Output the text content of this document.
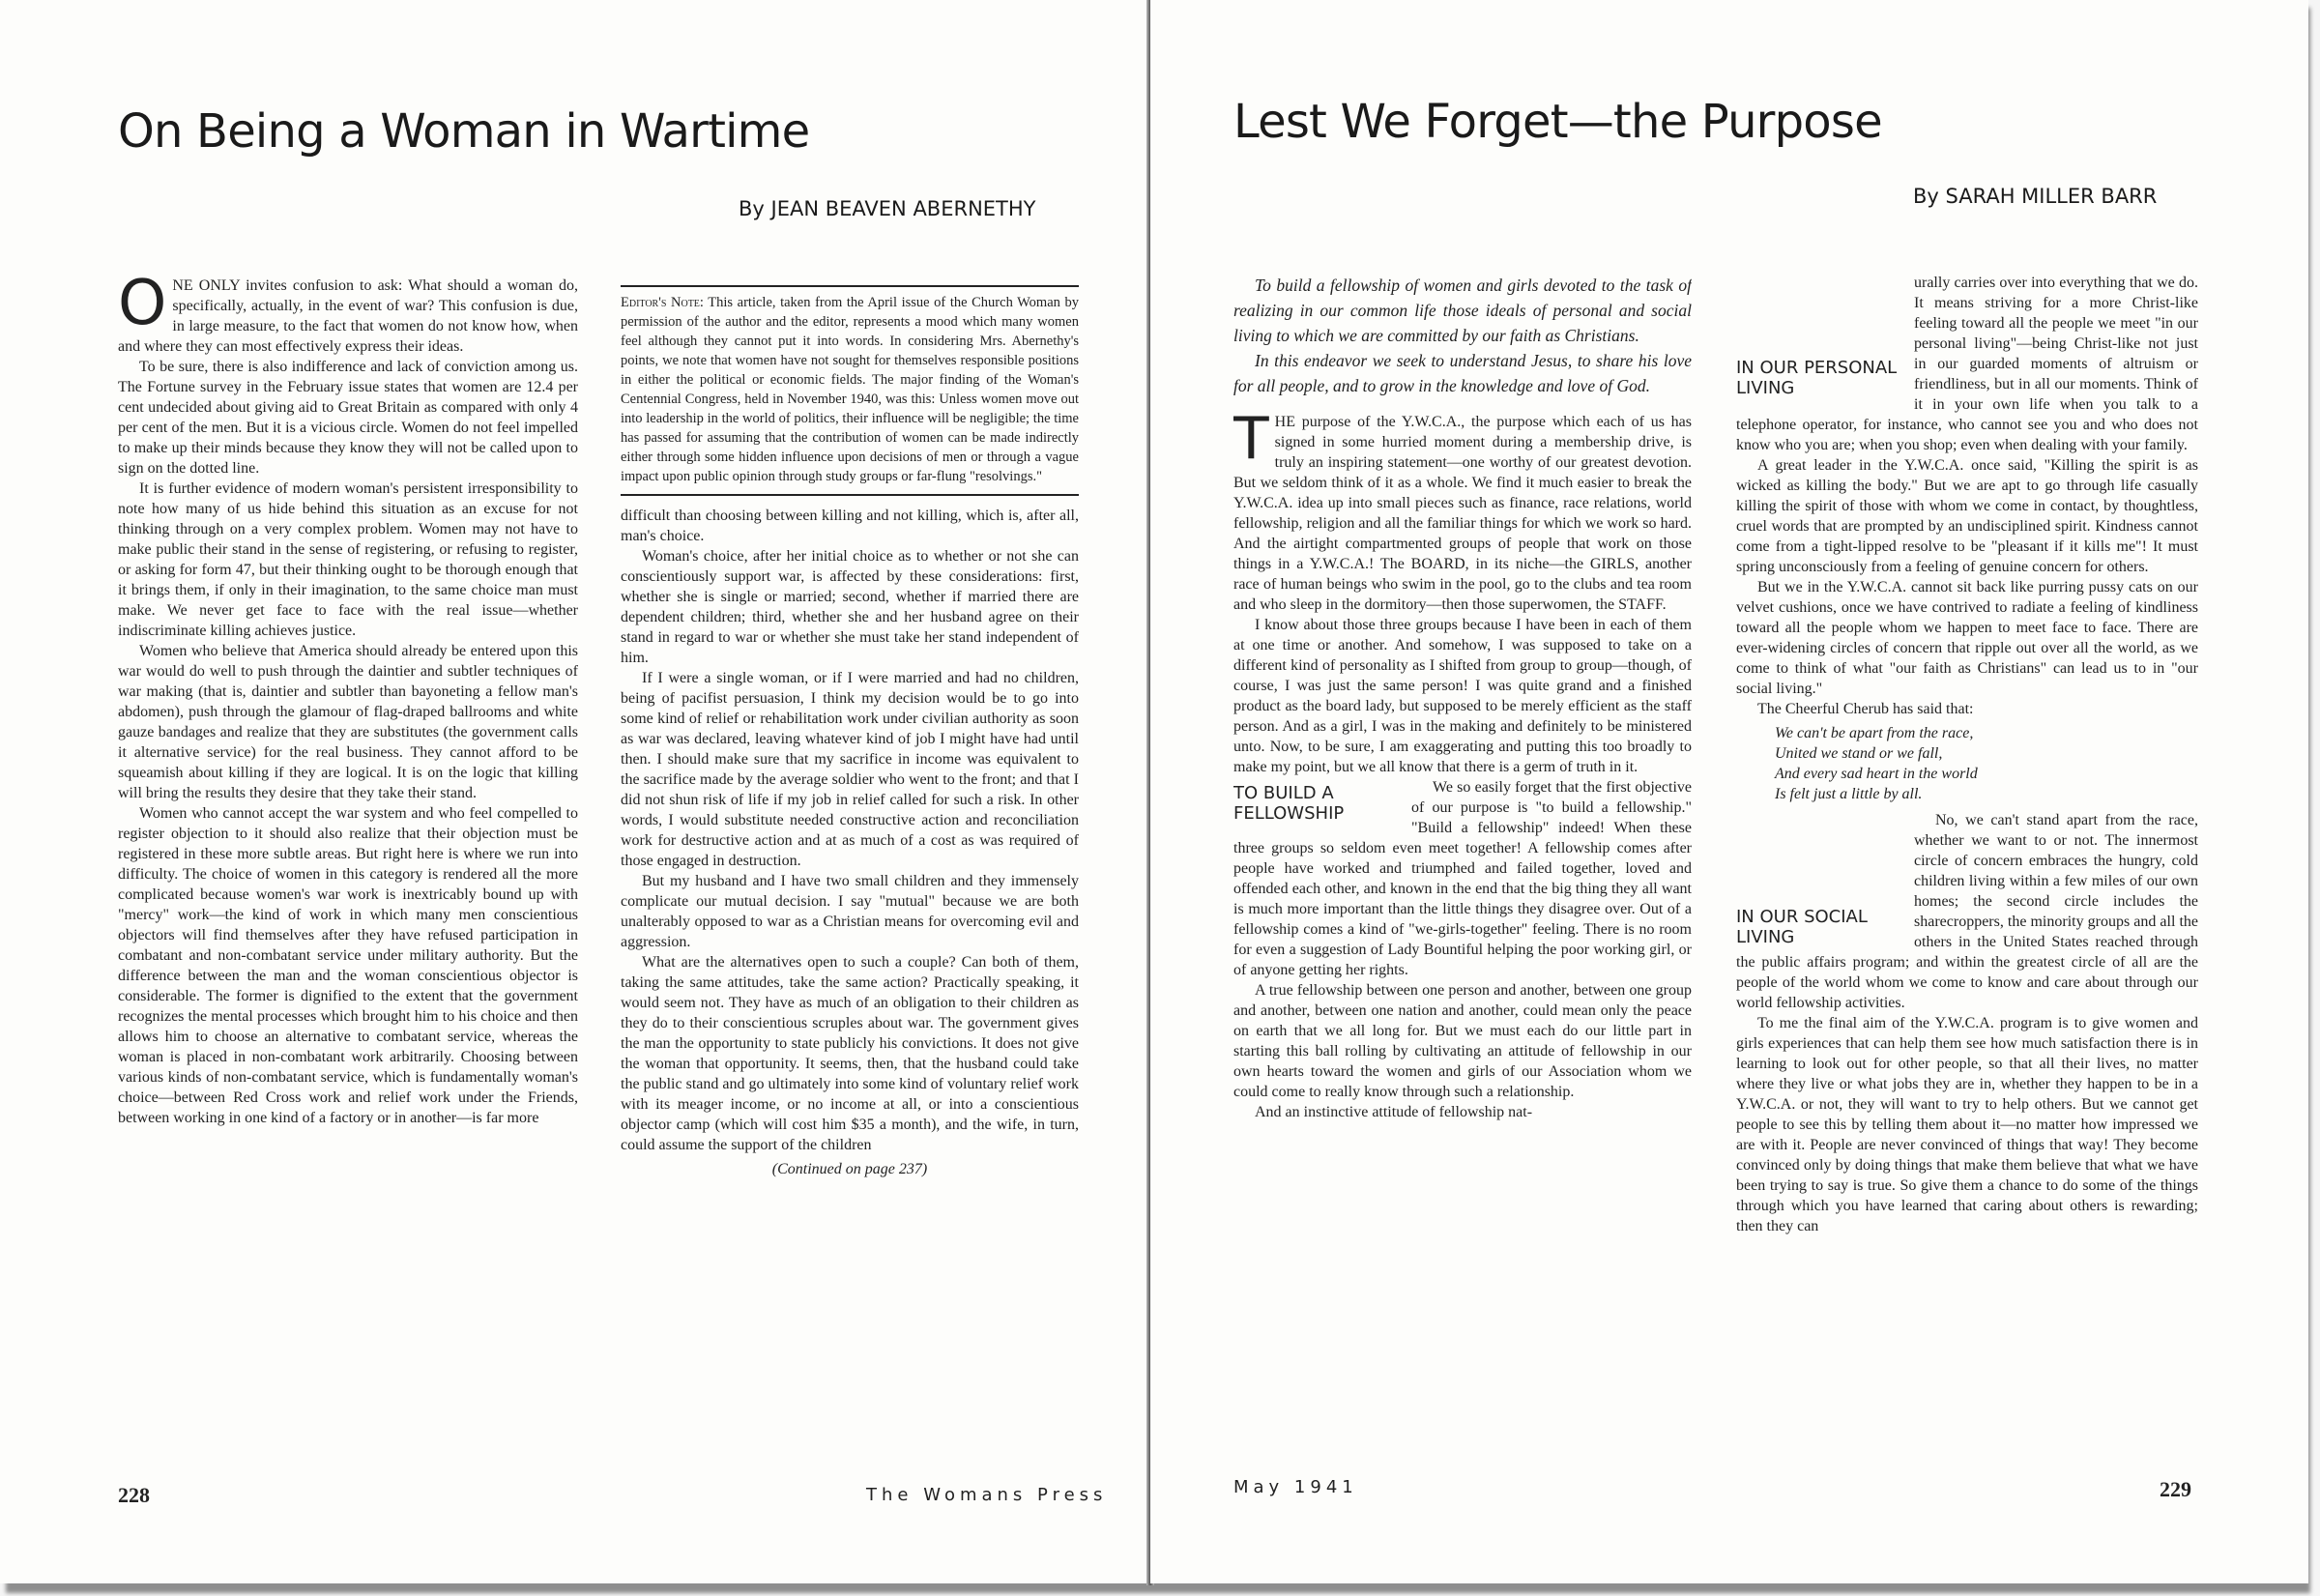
On Being a Woman in Wartime
By JEAN BEAVEN ABERNETHY

ONE ONLY invites confusion to ask: What should a woman do, specifically, actually, in the event of war? This confusion is due, in large measure, to the fact that women do not know how, when and where they can most effectively express their ideas.

To be sure, there is also indifference and lack of conviction among us. The Fortune survey in the February issue states that women are 12.4 per cent undecided about giving aid to Great Britain as compared with only 4 per cent of the men. But it is a vicious circle. Women do not feel impelled to make up their minds because they know they will not be called upon to sign on the dotted line.

It is further evidence of modern woman's persistent irresponsibility to note how many of us hide behind this situation as an excuse for not thinking through on a very complex problem. Women may not have to make public their stand in the sense of registering, or refusing to register, or asking for form 47, but their thinking ought to be thorough enough that it brings them, if only in their imagination, to the same choice man must make. We never get face to face with the real issue—whether indiscriminate killing achieves justice.

Women who believe that America should already be entered upon this war would do well to push through the daintier and subtler techniques of war making (that is, daintier and subtler than bayoneting a fellow man's abdomen), push through the glamour of flag-draped ballrooms and white gauze bandages and realize that they are substitutes (the government calls it alternative service) for the real business. They cannot afford to be squeamish about killing if they are logical. It is on the logic that killing will bring the results they desire that they take their stand.

Women who cannot accept the war system and who feel compelled to register objection to it should also realize that their objection must be registered in these more subtle areas. But right here is where we run into difficulty. The choice of women in this category is rendered all the more complicated because women's war work is inextricably bound up with "mercy" work—the kind of work in which many men conscientious objectors will find themselves after they have refused participation in combatant and non-combatant service under military authority. But the difference between the man and the woman conscientious objector is considerable. The former is dignified to the extent that the government recognizes the mental processes which brought him to his choice and then allows him to choose an alternative to combatant service, whereas the woman is placed in non-combatant work arbitrarily. Choosing between various kinds of non-combatant service, which is fundamentally woman's choice—between Red Cross work and relief work under the Friends, between working in one kind of a factory or in another—is far more

Editor's Note: This article, taken from the April issue of the Church Woman by permission of the author and the editor, represents a mood which many women feel although they cannot put it into words. In considering Mrs. Abernethy's points, we note that women have not sought for themselves responsible positions in either the political or economic fields. The major finding of the Woman's Centennial Congress, held in November 1940, was this: Unless women move out into leadership in the world of politics, their influence will be negligible; the time has passed for assuming that the contribution of women can be made indirectly either through some hidden influence upon decisions of men or through a vague impact upon public opinion through study groups or far-flung "resolvings."

difficult than choosing between killing and not killing, which is, after all, man's choice.

Woman's choice, after her initial choice as to whether or not she can conscientiously support war, is affected by these considerations: first, whether she is single or married; second, whether if married there are dependent children; third, whether she and her husband agree on their stand in regard to war or whether she must take her stand independent of him.

If I were a single woman, or if I were married and had no children, being of pacifist persuasion, I think my decision would be to go into some kind of relief or rehabilitation work under civilian authority as soon as war was declared, leaving whatever kind of job I might have had until then. I should make sure that my sacrifice in income was equivalent to the sacrifice made by the average soldier who went to the front; and that I did not shun risk of life if my job in relief called for such a risk. In other words, I would substitute needed constructive action and reconciliation work for destructive action and at as much of a cost as was required of those engaged in destruction.

But my husband and I have two small children and they immensely complicate our mutual decision. I say "mutual" because we are both unalterably opposed to war as a Christian means for overcoming evil and aggression.

What are the alternatives open to such a couple? Can both of them, taking the same attitudes, take the same action? Practically speaking, it would seem not. They have as much of an obligation to their children as they do to their conscientious scruples about war. The government gives the man the opportunity to state publicly his convictions. It does not give the woman that opportunity. It seems, then, that the husband could take the public stand and go ultimately into some kind of voluntary relief work with its meager income, or no income at all, or into a conscientious objector camp (which will cost him $35 a month), and the wife, in turn, could assume the support of the children

(Continued on page 237)
228	The Womans Press
Lest We Forget—the Purpose
By SARAH MILLER BARR

To build a fellowship of women and girls devoted to the task of realizing in our common life those ideals of personal and social living to which we are committed by our faith as Christians.

In this endeavor we seek to understand Jesus, to share his love for all people, and to grow in the knowledge and love of God.

THE purpose of the Y.W.C.A., the purpose which each of us has signed in some hurried moment during a membership drive, is truly an inspiring statement—one worthy of our greatest devotion. But we seldom think of it as a whole. We find it much easier to break the Y.W.C.A. idea up into small pieces such as finance, race relations, world fellowship, religion and all the familiar things for which we work so hard. And the airtight compartmented groups of people that work on those things in a Y.W.C.A.! The BOARD, in its niche—the GIRLS, another race of human beings who swim in the pool, go to the clubs and tea room and who sleep in the dormitory—then those superwomen, the STAFF.

I know about those three groups because I have been in each of them at one time or another. And somehow, I was supposed to take on a different kind of personality as I shifted from group to group—though, of course, I was just the same person! I was quite grand and a finished product as the board lady, but supposed to be merely efficient as the staff person. And as a girl, I was in the making and definitely to be ministered unto. Now, to be sure, I am exaggerating and putting this too broadly to make my point, but we all know that there is a germ of truth in it.

TO BUILD A FELLOWSHIP

We so easily forget that the first objective of our purpose is "to build a fellowship." "Build a fellowship" indeed! When these three groups so seldom even meet together! A fellowship comes after people have worked and triumphed and failed together, loved and offended each other, and known in the end that the big thing they all want is much more important than the little things they disagree over. Out of a fellowship comes a kind of "we-girls-together" feeling. There is no room for even a suggestion of Lady Bountiful helping the poor working girl, or of anyone getting her rights.

A true fellowship between one person and another, between one group and another, between one nation and another, could mean only the peace on earth that we all long for. But we must each do our little part in starting this ball rolling by cultivating an attitude of fellowship in our own hearts toward the women and girls of our Association whom we could come to really know through such a relationship.

And an instinctive attitude of fellowship nat-

IN OUR PERSONAL LIVING

urally carries over into everything that we do. It means striving for a more Christ-like feeling toward all the people we meet "in our personal living"—being Christ-like not just in our guarded moments of altruism or friendliness, but in all our moments. Think of it in your own life when you talk to a telephone operator, for instance, who cannot see you and who does not know who you are; when you shop; even when dealing with your family.

A great leader in the Y.W.C.A. once said, "Killing the spirit is as wicked as killing the body." But we are apt to go through life casually killing the spirit of those with whom we come in contact, by thoughtless, cruel words that are prompted by an undisciplined spirit. Kindness cannot come from a tight-lipped resolve to be "pleasant if it kills me"! It must spring unconsciously from a feeling of genuine concern for others.

But we in the Y.W.C.A. cannot sit back like purring pussy cats on our velvet cushions, once we have contrived to radiate a feeling of kindliness toward all the people whom we happen to meet face to face. There are ever-widening circles of concern that ripple out over all the world, as we come to think of what "our faith as Christians" can lead us to in "our social living."

The Cheerful Cherub has said that:

We can't be apart from the race,
United we stand or we fall,
And every sad heart in the world
Is felt just a little by all.
IN OUR SOCIAL LIVING

No, we can't stand apart from the race, whether we want to or not. The innermost circle of concern embraces the hungry, cold children living within a few miles of our own homes; the second circle includes the sharecroppers, the minority groups and all the others in the United States reached through the public affairs program; and within the greatest circle of all are the people of the world whom we come to know and care about through our world fellowship activities.

To me the final aim of the Y.W.C.A. program is to give women and girls experiences that can help them see how much satisfaction there is in learning to look out for other people, so that all their lives, no matter where they live or what jobs they are in, whether they happen to be in a Y.W.C.A. or not, they will want to try to help others. But we cannot get people to see this by telling them about it—no matter how impressed we are with it. People are never convinced of things that way! They become convinced only by doing things that make them believe that what we have been trying to say is true. So give them a chance to do some of the things through which you have learned that caring about others is rewarding; then they can

May 1941	229
